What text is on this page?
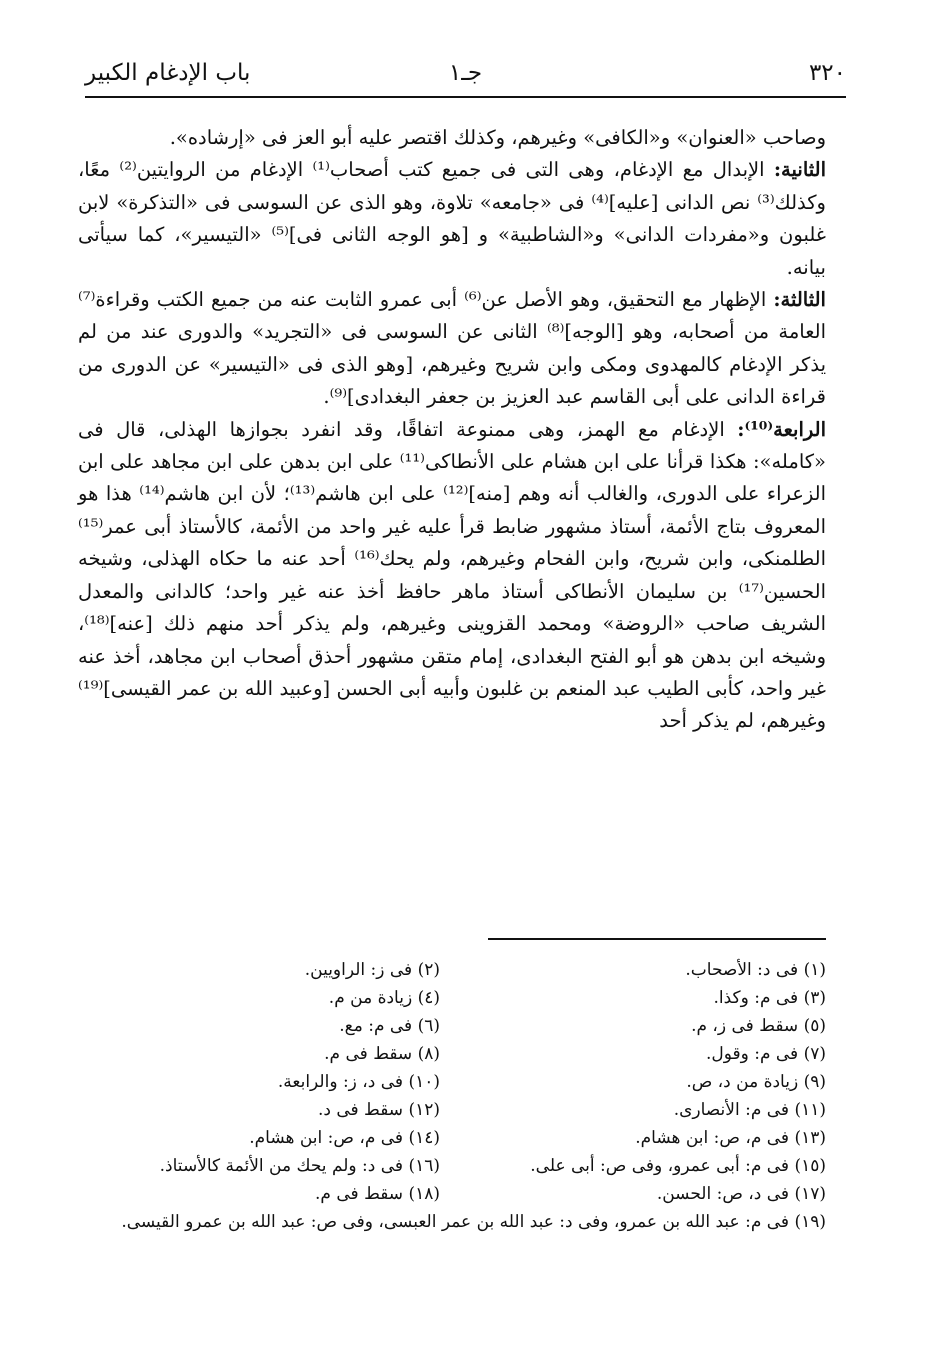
باب الإدغام الكبير	جـ١	٣٢٠

وصاحب «العنوان» و«الكافى» وغيرهم، وكذلك اقتصر عليه أبو العز فى «إرشاده».

الثانية: الإبدال مع الإدغام، وهى التى فى جميع كتب أصحاب⁽¹⁾ الإدغام من الروايتين⁽²⁾ معًا، وكذلك⁽³⁾ نص الدانى [عليه]⁽⁴⁾ فى «جامعه» تلاوة، وهو الذى عن السوسى فى «التذكرة» لابن غلبون و«مفردات الدانى» و«الشاطبية» و [هو الوجه الثانى فى]⁽⁵⁾ «التيسير»، كما سيأتى بيانه.

الثالثة: الإظهار مع التحقيق، وهو الأصل عن⁽⁶⁾ أبى عمرو الثابت عنه من جميع الكتب وقراءة⁽⁷⁾ العامة من أصحابه، وهو [الوجه]⁽⁸⁾ الثانى عن السوسى فى «التجريد» والدورى عند من لم يذكر الإدغام كالمهدوى ومكى وابن شريح وغيرهم، [وهو الذى فى «التيسير» عن الدورى من قراءة الدانى على أبى القاسم عبد العزيز بن جعفر البغدادى]⁽⁹⁾.

الرابعة⁽¹⁰⁾: الإدغام مع الهمز، وهى ممنوعة اتفاقًا، وقد انفرد بجوازها الهذلى، قال فى «كامله»: هكذا قرأنا على ابن هشام على الأنطاكى⁽¹¹⁾ على ابن بدهن على ابن مجاهد على ابن الزعراء على الدورى، والغالب أنه وهم [منه]⁽¹²⁾ على ابن هاشم⁽¹³⁾؛ لأن ابن هاشم⁽¹⁴⁾ هذا هو المعروف بتاج الأئمة، أستاذ مشهور ضابط قرأ عليه غير واحد من الأئمة، كالأستاذ أبى عمر⁽¹⁵⁾ الطلمنكى، وابن شريح، وابن الفحام وغيرهم، ولم يحك⁽¹⁶⁾ أحد عنه ما حكاه الهذلى، وشيخه الحسين⁽¹⁷⁾ بن سليمان الأنطاكى أستاذ ماهر حافظ أخذ عنه غير واحد؛ كالدانى والمعدل الشريف صاحب «الروضة» ومحمد القزوينى وغيرهم، ولم يذكر أحد منهم ذلك [عنه]⁽¹⁸⁾، وشيخه ابن بدهن هو أبو الفتح البغدادى، إمام متقن مشهور أحذق أصحاب ابن مجاهد، أخذ عنه غير واحد، كأبى الطيب عبد المنعم بن غلبون وأبيه أبى الحسن [وعبيد الله بن عمر القيسى]⁽¹⁹⁾ وغيرهم، لم يذكر أحد

(١) فى د: الأصحاب.
(٢) فى ز: الراويين.
(٣) فى م: وكذا.
(٤) زيادة من م.
(٥) سقط فى ز، م.
(٦) فى م: مع.
(٧) فى م: وقول.
(٨) سقط فى م.
(٩) زيادة من د، ص.
(١٠) فى د، ز: والرابعة.
(١١) فى م: الأنصارى.
(١٢) سقط فى د.
(١٣) فى م، ص: ابن هشام.
(١٤) فى م، ص: ابن هشام.
(١٥) فى م: أبى عمرو، وفى ص: أبى على.
(١٦) فى د: ولم يحك من الأئمة كالأستاذ.
(١٧) فى د، ص: الحسن.
(١٨) سقط فى م.
(١٩) فى م: عبد الله بن عمرو، وفى د: عبد الله بن عمر العبسى، وفى ص: عبد الله بن عمرو القيسى.
